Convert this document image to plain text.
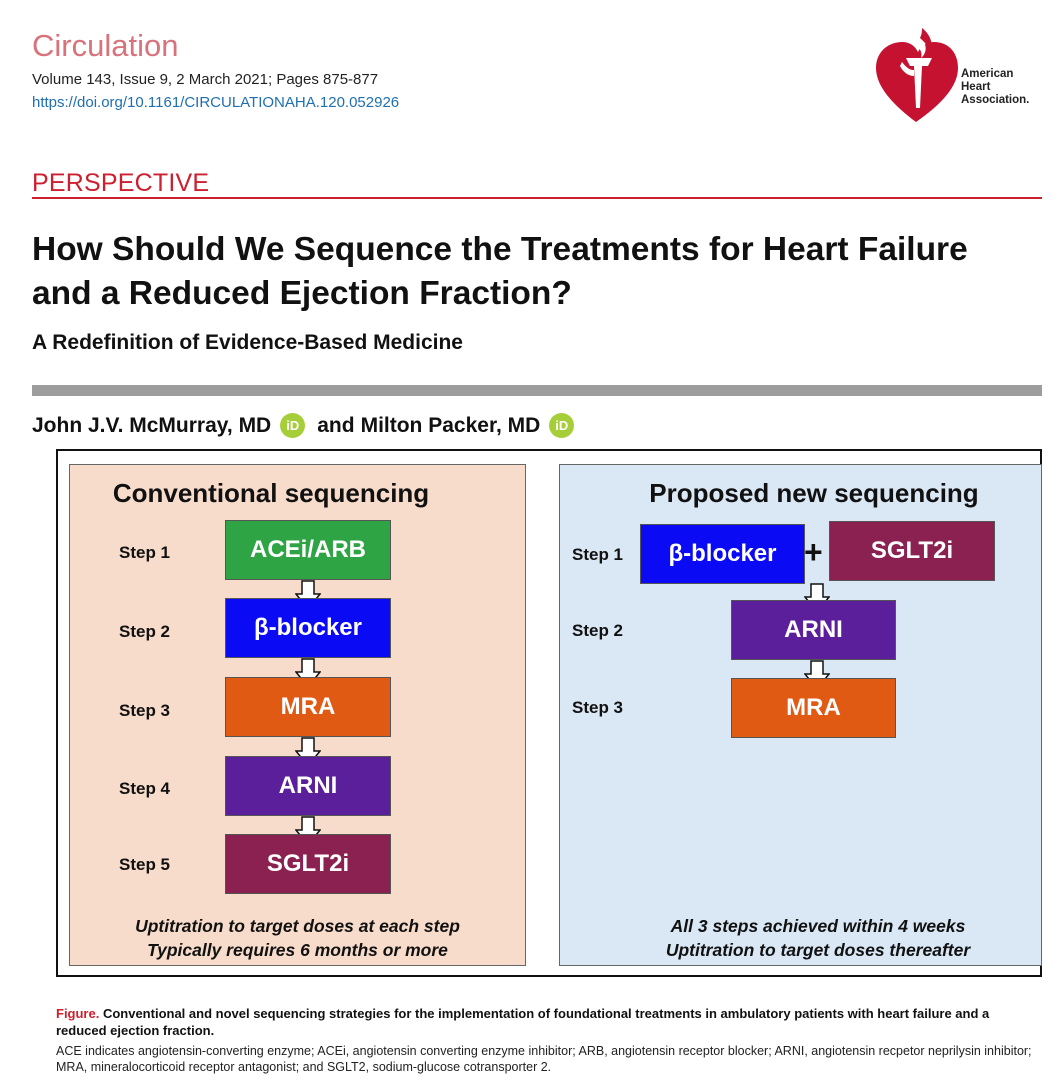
Circulation
Volume 143, Issue 9, 2 March 2021; Pages 875-877
https://doi.org/10.1161/CIRCULATIONAHA.120.052926
American
Heart
Association.
PERSPECTIVE
How Should We Sequence the Treatments for Heart Failure and a Reduced Ejection Fraction?
A Redefinition of Evidence-Based Medicine
John J.V. McMurray, MD	iD and Milton Packer, MD	iD
Conventional sequencing
Step 1	ACEi/ARB
Step 2	β-blocker
Step 3	MRA
Step 4	ARNI
Step 5	SGLT2i
Uptitration to target doses at each step
Typically requires 6 months or more
Proposed new sequencing
Step 1	β-blocker +	SGLT2i
Step 2	ARNI
Step 3	MRA
All 3 steps achieved within 4 weeks
Uptitration to target doses thereafter
Figure. Conventional and novel sequencing strategies for the implementation of foundational treatments in ambulatory patients with heart failure and a reduced ejection fraction.
ACE indicates angiotensin-converting enzyme; ACEi, angiotensin converting enzyme inhibitor; ARB, angiotensin receptor blocker; ARNI, angiotensin recpetor neprilysin inhibitor; MRA, mineralocorticoid receptor antagonist; and SGLT2, sodium-glucose cotransporter 2.
